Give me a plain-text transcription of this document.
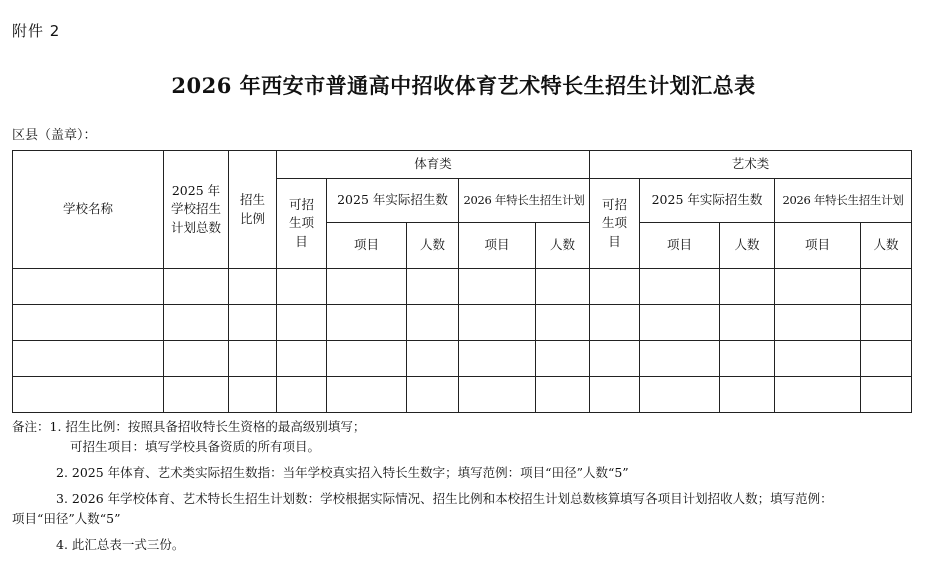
附件 2
2026 年西安市普通高中招收体育艺术特长生招生计划汇总表
区县（盖章）：
学校名称	2025 年学校招生计划总数	招生比例	体育类					艺术类				
			可招生项目	2025 年实际招生数		2026 年特长生招生计划		可招生项目	2025 年实际招生数		2026 年特长生招生计划	
				项目	人数	项目	人数		项目	人数	项目	人数

备注：1. 招生比例：按照具备招收特长生资格的最高级别填写；
可招生项目：填写学校具备资质的所有项目。
2. 2025 年体育、艺术类实际招生数指：当年学校真实招入特长生数字；填写范例：项目“田径”人数“5”
3. 2026 年学校体育、艺术特长生招生计划数：学校根据实际情况、招生比例和本校招生计划总数核算填写各项目计划招收人数；填写范例：
项目“田径”人数“5”
4. 此汇总表一式三份。
